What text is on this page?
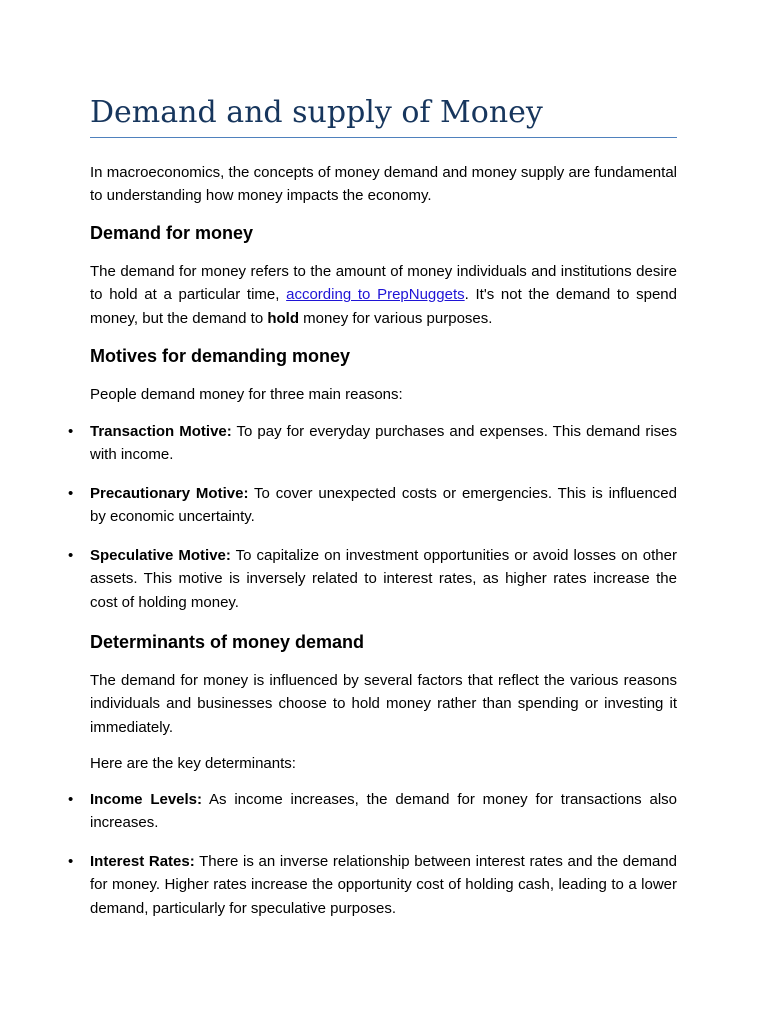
Demand and supply of Money

In macroeconomics, the concepts of money demand and money supply are fundamental to understanding how money impacts the economy.

Demand for money

The demand for money refers to the amount of money individuals and institutions desire to hold at a particular time, according to PrepNuggets. It's not the demand to spend money, but the demand to hold money for various purposes.

Motives for demanding money

People demand money for three main reasons:

•	Transaction Motive: To pay for everyday purchases and expenses. This demand rises with income.

•	Precautionary Motive: To cover unexpected costs or emergencies. This is influenced by economic uncertainty.

•	Speculative Motive: To capitalize on investment opportunities or avoid losses on other assets. This motive is inversely related to interest rates, as higher rates increase the cost of holding money.

Determinants of money demand

The demand for money is influenced by several factors that reflect the various reasons individuals and businesses choose to hold money rather than spending or investing it immediately.

Here are the key determinants:

•	Income Levels: As income increases, the demand for money for transactions also increases.

•	Interest Rates: There is an inverse relationship between interest rates and the demand for money. Higher rates increase the opportunity cost of holding cash, leading to a lower demand, particularly for speculative purposes.
